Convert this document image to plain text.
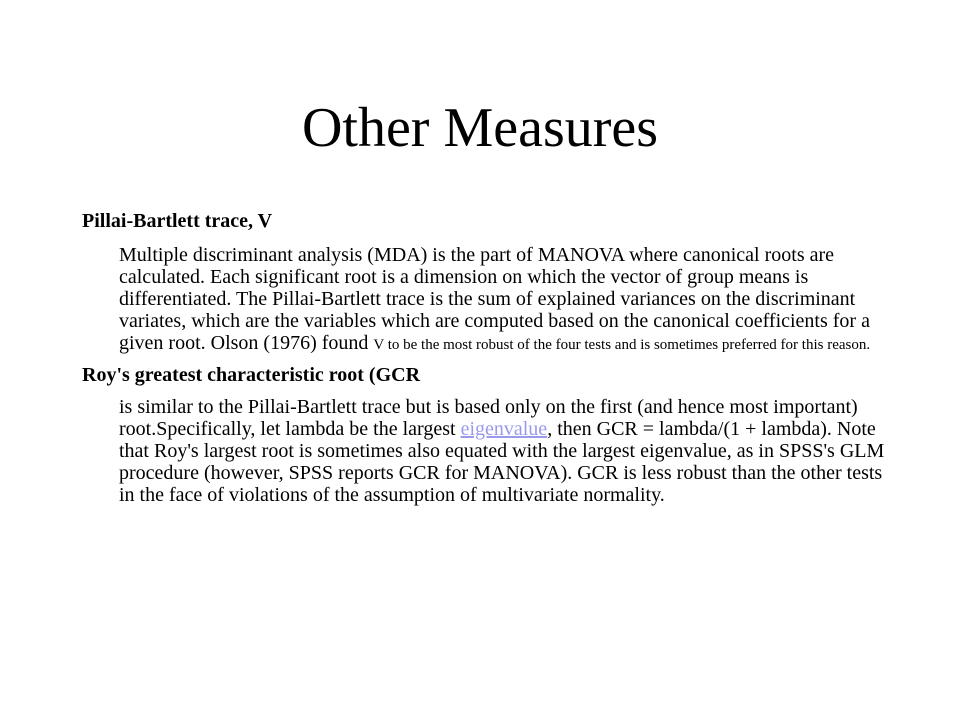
Other Measures

Pillai-Bartlett trace, V

Multiple discriminant analysis (MDA) is the part of MANOVA where canonical roots are calculated. Each significant root is a dimension on which the vector of group means is differentiated. The Pillai-Bartlett trace is the sum of explained variances on the discriminant variates, which are the variables which are computed based on the canonical coefficients for a given root. Olson (1976) found V to be the most robust of the four tests and is sometimes preferred for this reason.

Roy's greatest characteristic root (GCR

is similar to the Pillai-Bartlett trace but is based only on the first (and hence most important) root.Specifically, let lambda be the largest eigenvalue, then GCR = lambda/(1 + lambda). Note that Roy's largest root is sometimes also equated with the largest eigenvalue, as in SPSS's GLM procedure (however, SPSS reports GCR for MANOVA). GCR is less robust than the other tests in the face of violations of the assumption of multivariate normality.
